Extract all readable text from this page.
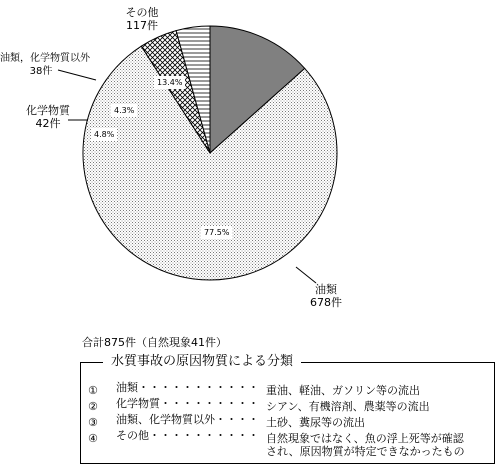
その他
117件
油類，化学物質以外
38件
化学物質
42件
油類
678件
13.4%
4.3%
4.8%
77.5%
合計875件（自然現象41件）
水質事故の原因物質による分類
① 油類・・・・・・・・・・・ 重油、軽油、ガソリン等の流出
② 化学物質・・・・・・・・・ シアン、有機溶剤、農薬等の流出
③ 油類、化学物質以外・・・・ 土砂、糞尿等の流出
④ その他・・・・・・・・・・ 自然現象ではなく、魚の浮上死等が確認
され、原因物質が特定できなかったもの
